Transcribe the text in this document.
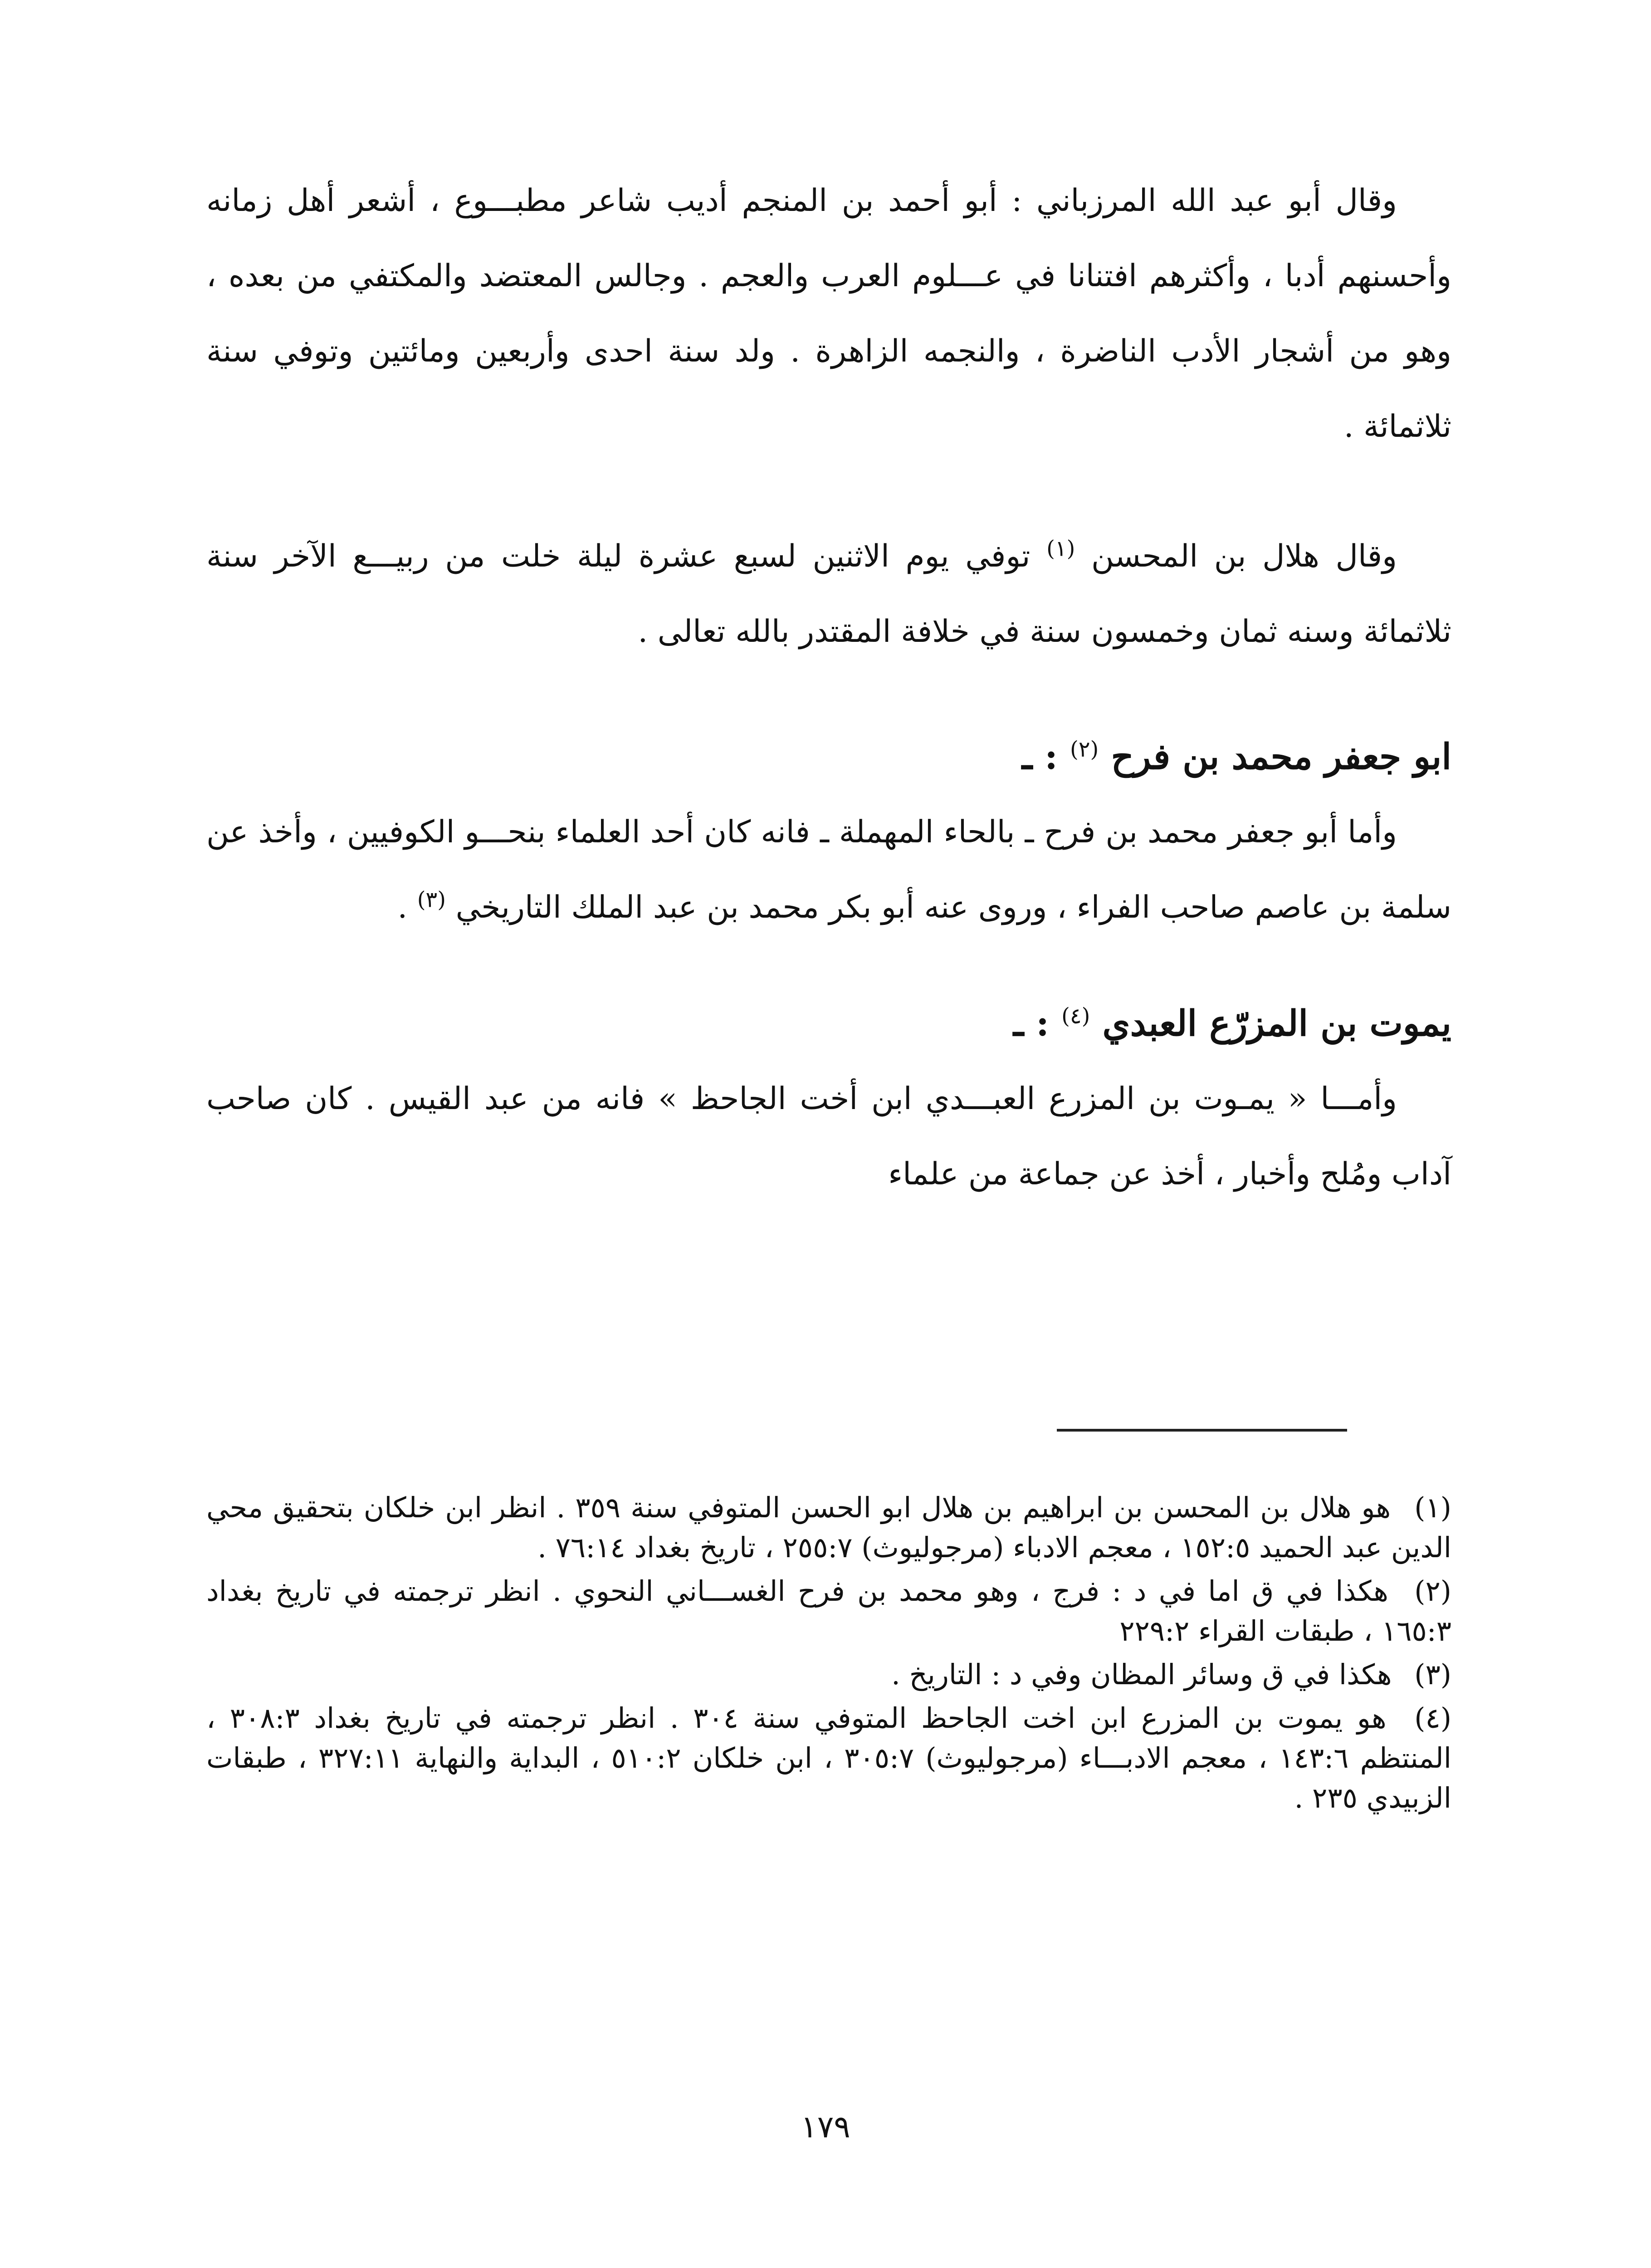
وقال أبو عبد الله المرزباني : أبو أحمد بن المنجم أديب شاعر مطبـــوع ، أشعر أهل زمانه وأحسنهم أدبا ، وأكثرهم افتنانا في عـــلوم العرب والعجم . وجالس المعتضد والمكتفي من بعده ، وهو من أشجار الأدب الناضرة ، والنجمه الزاهرة . ولد سنة احدى وأربعين ومائتين وتوفي سنة ثلاثمائة .

وقال هلال بن المحسن $^{(١)}$ توفي يوم الاثنين لسبع عشرة ليلة خلت من ربيـــع الآخر سنة ثلاثمائة وسنه ثمان وخمسون سنة في خلافة المقتدر بالله تعالى .

ابو جعفر محمد بن فرح $^{(٢)}$ : ـ

وأما أبو جعفر محمد بن فرح ـ بالحاء المهملة ـ فانه كان أحد العلماء بنحـــو الكوفيين ، وأخذ عن سلمة بن عاصم صاحب الفراء ، وروى عنه أبو بكر محمد بن عبد الملك التاريخي $^{(٣)}$ .

يموت بن المزرّع العبدي $^{(٤)}$ : ـ

وأمـــا « يمـوت بن المزرع العبـــدي ابن أخت الجاحظ » فانه من عبد القيس . كان صاحب آداب ومُلح وأخبار ، أخذ عن جماعة من علماء

(١) هو هلال بن المحسن بن ابراهيم بن هلال ابو الحسن المتوفي سنة ٣٥٩ . انظر ابن خلكان بتحقيق محي الدين عبد الحميد ١٥٢:٥ ، معجم الادباء (مرجوليوث) ٢٥٥:٧ ، تاريخ بغداد ٧٦:١٤ .

(٢) هكذا في ق اما في د : فرج ، وهو محمد بن فرح الغســـاني النحوي . انظر ترجمته في تاريخ بغداد ١٦٥:٣ ، طبقات القراء ٢٢٩:٢

(٣) هكذا في ق وسائر المظان وفي د : التاريخ .

(٤) هو يموت بن المزرع ابن اخت الجاحظ المتوفي سنة ٣٠٤ . انظر ترجمته في تاريخ بغداد ٣٠٨:٣ ، المنتظم ١٤٣:٦ ، معجم الادبـــاء (مرجوليوث) ٣٠٥:٧ ، ابن خلكان ٥١٠:٢ ، البداية والنهاية ٣٢٧:١١ ، طبقات الزبيدي ٢٣٥ .

١٧٩
